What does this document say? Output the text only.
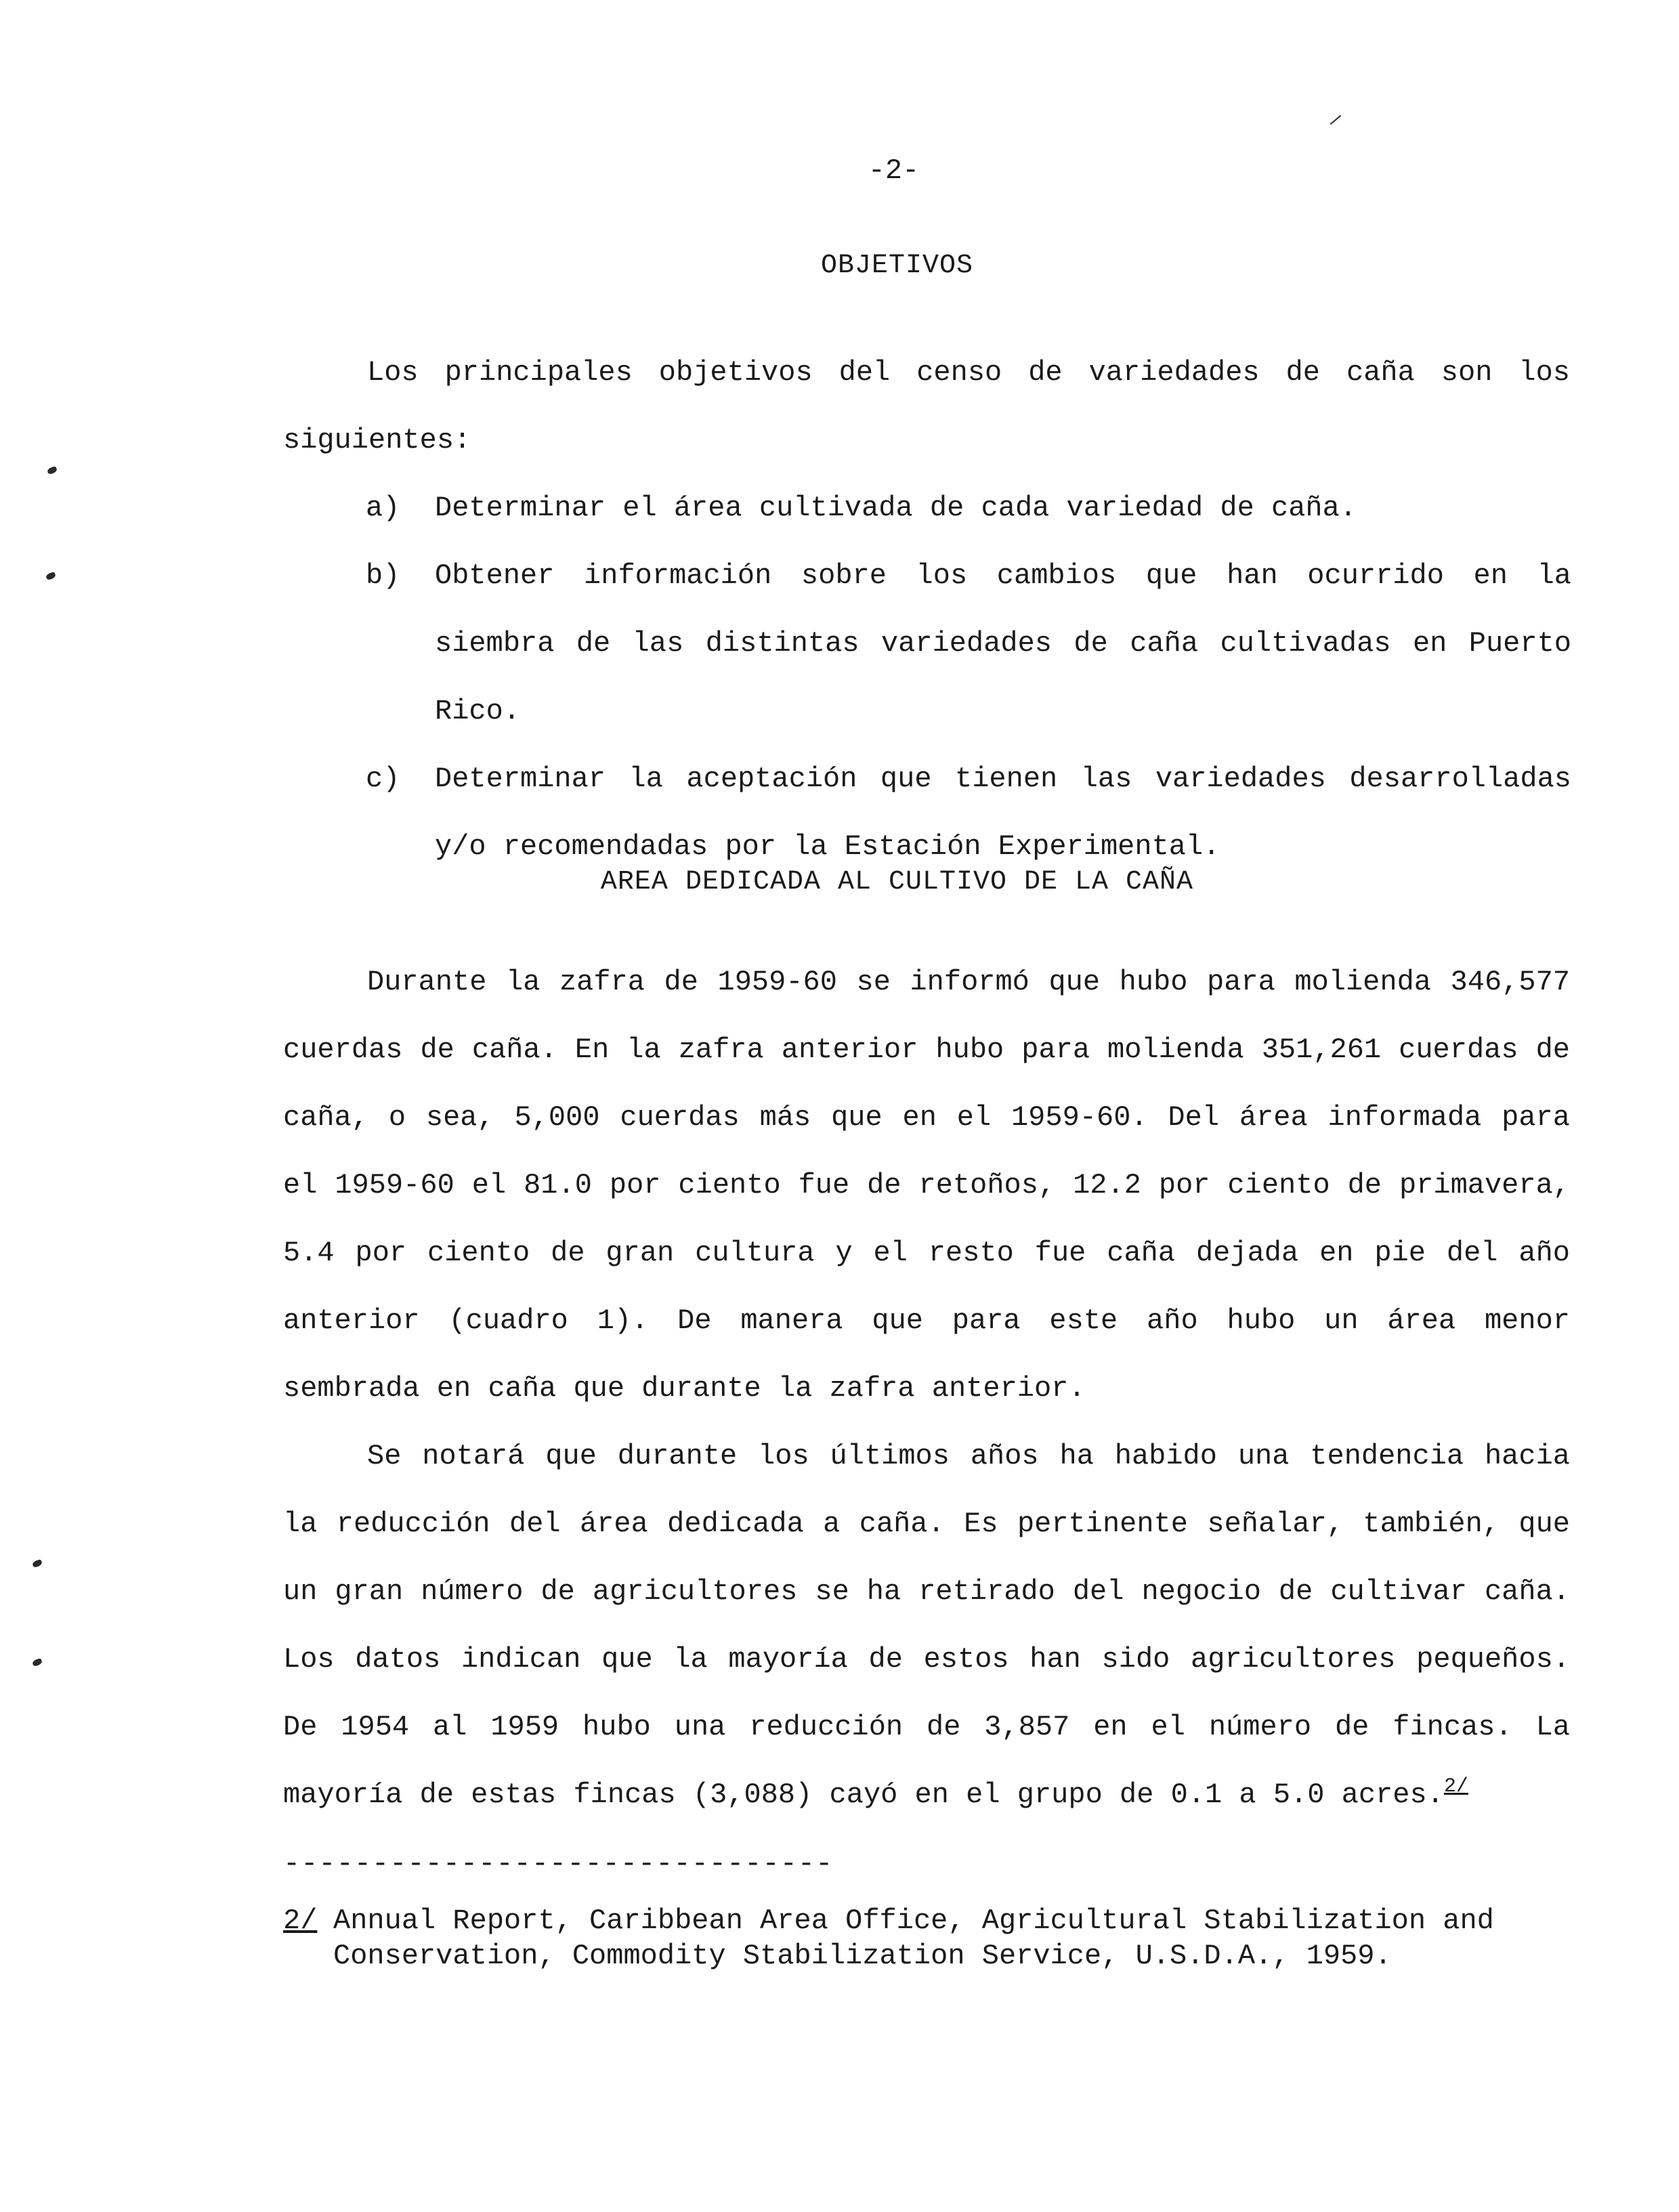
-2-
OBJETIVOS

Los principales objetivos del censo de variedades de caña son los siguientes:

a)	Determinar el área cultivada de cada variedad de caña.
b)	Obtener información sobre los cambios que han ocurrido en la siembra de las distintas variedades de caña cultivadas en Puerto Rico.
c)	Determinar la aceptación que tienen las variedades desarrolladas y/o recomendadas por la Estación Experimental.
AREA DEDICADA AL CULTIVO DE LA CAÑA

Durante la zafra de 1959-60 se informó que hubo para molienda 346,577 cuerdas de caña. En la zafra anterior hubo para molienda 351,261 cuerdas de caña, o sea, 5,000 cuerdas más que en el 1959-60. Del área informada para el 1959-60 el 81.0 por ciento fue de retoños, 12.2 por ciento de primavera, 5.4 por ciento de gran cultura y el resto fue caña dejada en pie del año anterior (cuadro 1). De manera que para este año hubo un área menor sembrada en caña que durante la zafra anterior.

Se notará que durante los últimos años ha habido una tendencia hacia la reducción del área dedicada a caña. Es pertinente señalar, también, que un gran número de agricultores se ha retirado del negocio de cultivar caña. Los datos indican que la mayoría de estos han sido agricultores pequeños. De 1954 al 1959 hubo una reducción de 3,857 en el número de fincas. La mayoría de estas fincas (3,088) cayó en el grupo de 0.1 a 5.0 acres.$^{2/}$

-------------------------------
2/ Annual Report, Caribbean Area Office, Agricultural Stabilization and Conservation, Commodity Stabilization Service, U.S.D.A., 1959.
